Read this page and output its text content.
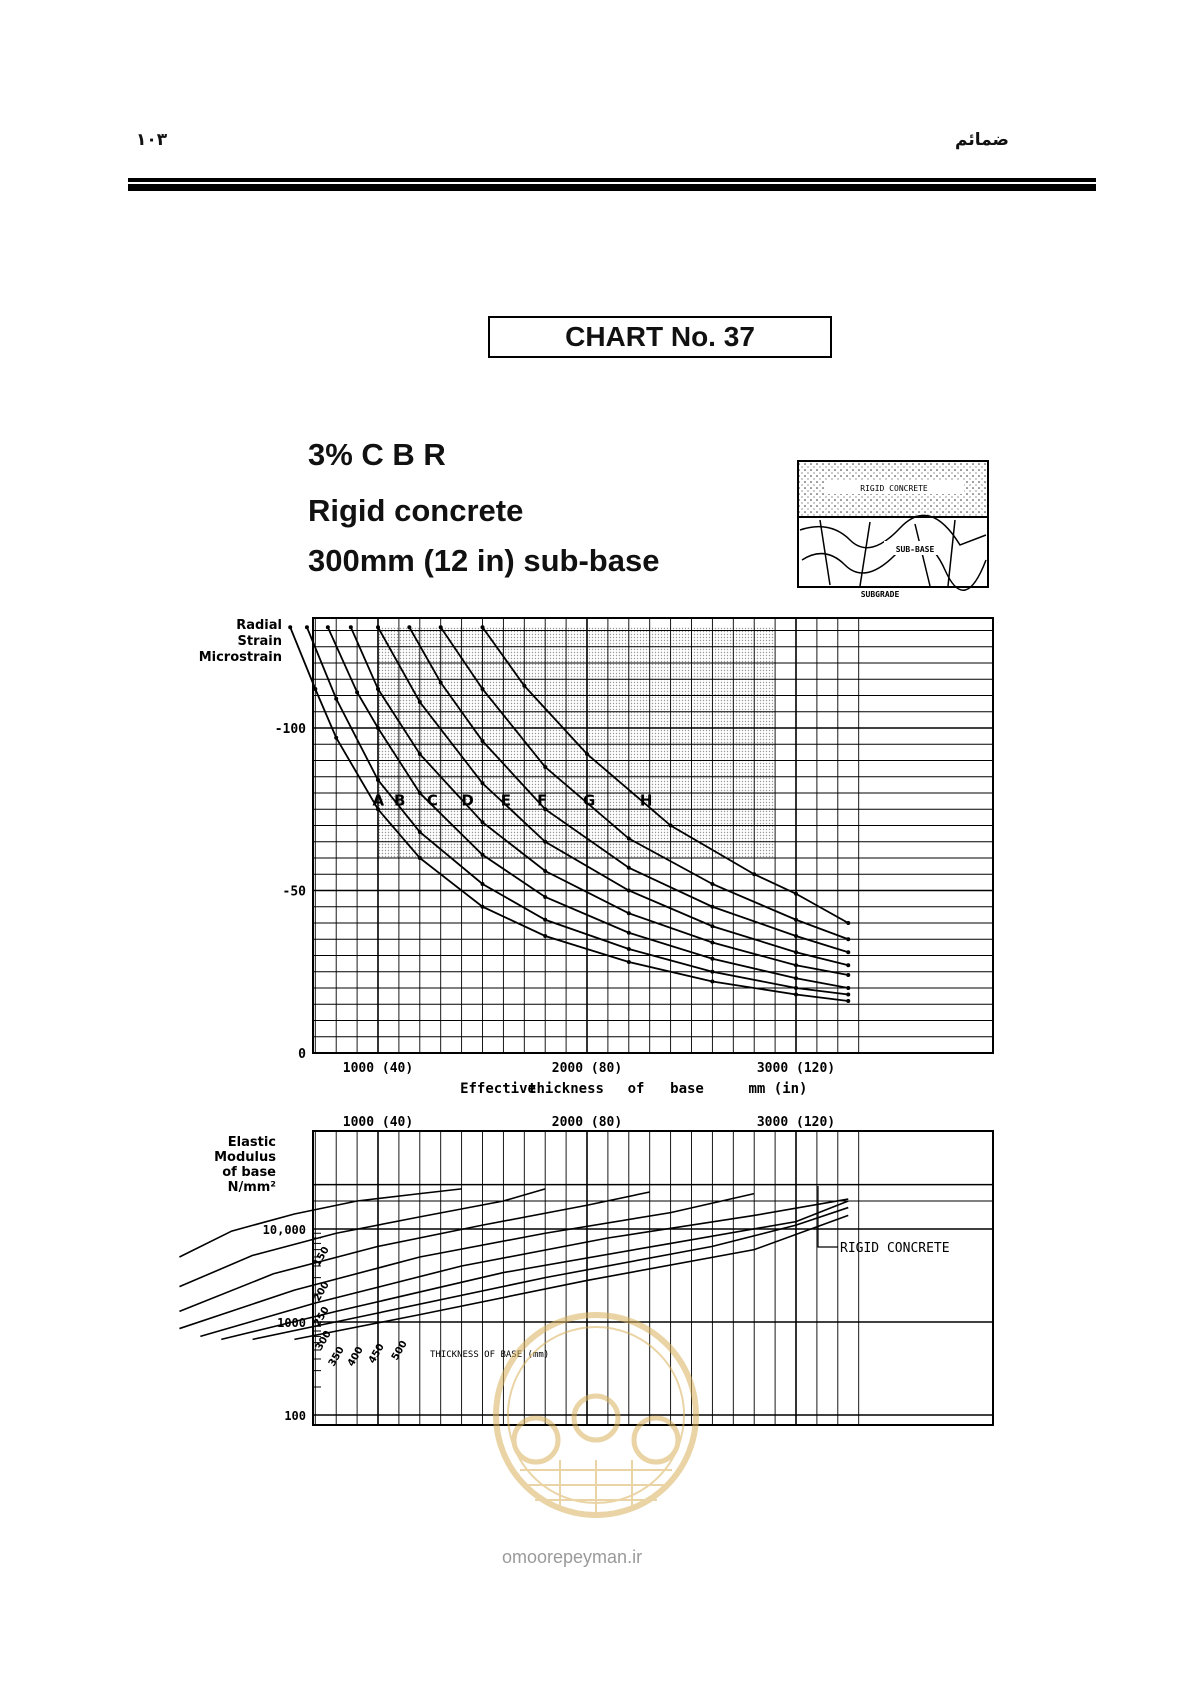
ضمائم
۱۰۳
CHART No. 37
3% C B R
Rigid concrete
300mm (12 in) sub-base
RIGID CONCRETE
SUB-BASE
SUBGRADE
A B C D E F G	H
Radial
Strain
Microstrain
-100
-50
0
1000 (40)	2000 (80)	3000 (120)
Effective
thickness of base	mm (in)
Elastic
Modulus
of base
N/mm²
10,000
1000
100
1000 (40)	2000 (80)	3000 (120)
150
200
250
300
350 400 450 500
RIGID CONCRETE
THICKNESS OF BASE (mm)
omoorepeyman.ir
